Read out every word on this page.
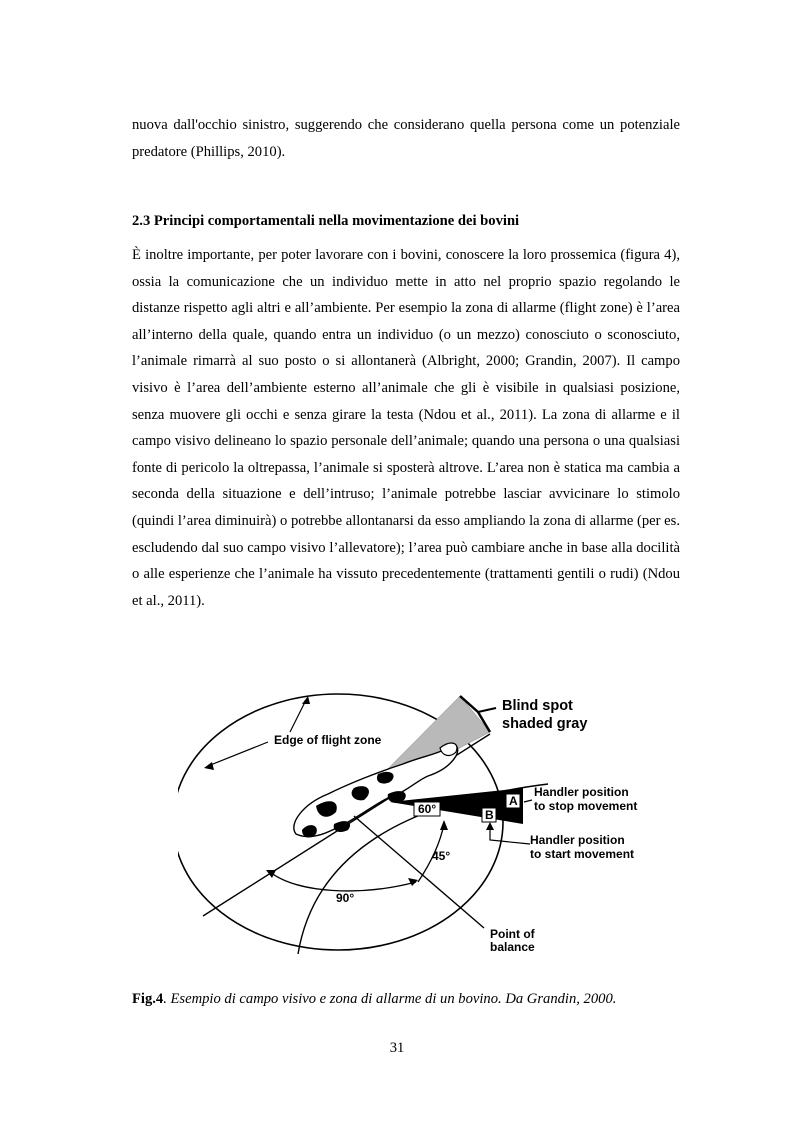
nuova dall'occhio sinistro, suggerendo che considerano quella persona come un potenziale predatore (Phillips, 2010).

2.3 Principi comportamentali nella movimentazione dei bovini

È inoltre importante, per poter lavorare con i bovini, conoscere la loro prossemica (figura 4), ossia la comunicazione che un individuo mette in atto nel proprio spazio regolando le distanze rispetto agli altri e all’ambiente. Per esempio la zona di allarme (flight zone) è l’area all’interno della quale, quando entra un individuo (o un mezzo) conosciuto o sconosciuto, l’animale rimarrà al suo posto o si allontanerà (Albright, 2000; Grandin, 2007). Il campo visivo è l’area dell’ambiente esterno all’animale che gli è visibile in qualsiasi posizione, senza muovere gli occhi e senza girare la testa (Ndou et al., 2011). La zona di allarme e il campo visivo delineano lo spazio personale dell’animale; quando una persona o una qualsiasi fonte di pericolo la oltrepassa, l’animale si sposterà altrove. L’area non è statica ma cambia a seconda della situazione e dell’intruso; l’animale potrebbe lasciar avvicinare lo stimolo (quindi l’area diminuirà) o potrebbe allontanarsi da esso ampliando la zona di allarme (per es. escludendo dal suo campo visivo l’allevatore); l’area può cambiare anche in base alla docilità o alle esperienze che l’animale ha vissuto precedentemente (trattamenti gentili o rudi) (Ndou et al., 2011).

60°
A
B
45°
90°
Edge of flight zone
Blind spot
shaded gray
Handler position
to stop movement
Handler position
to start movement
Point of
balance

Fig.4. Esempio di campo visivo e zona di allarme di un bovino. Da Grandin, 2000.

31
